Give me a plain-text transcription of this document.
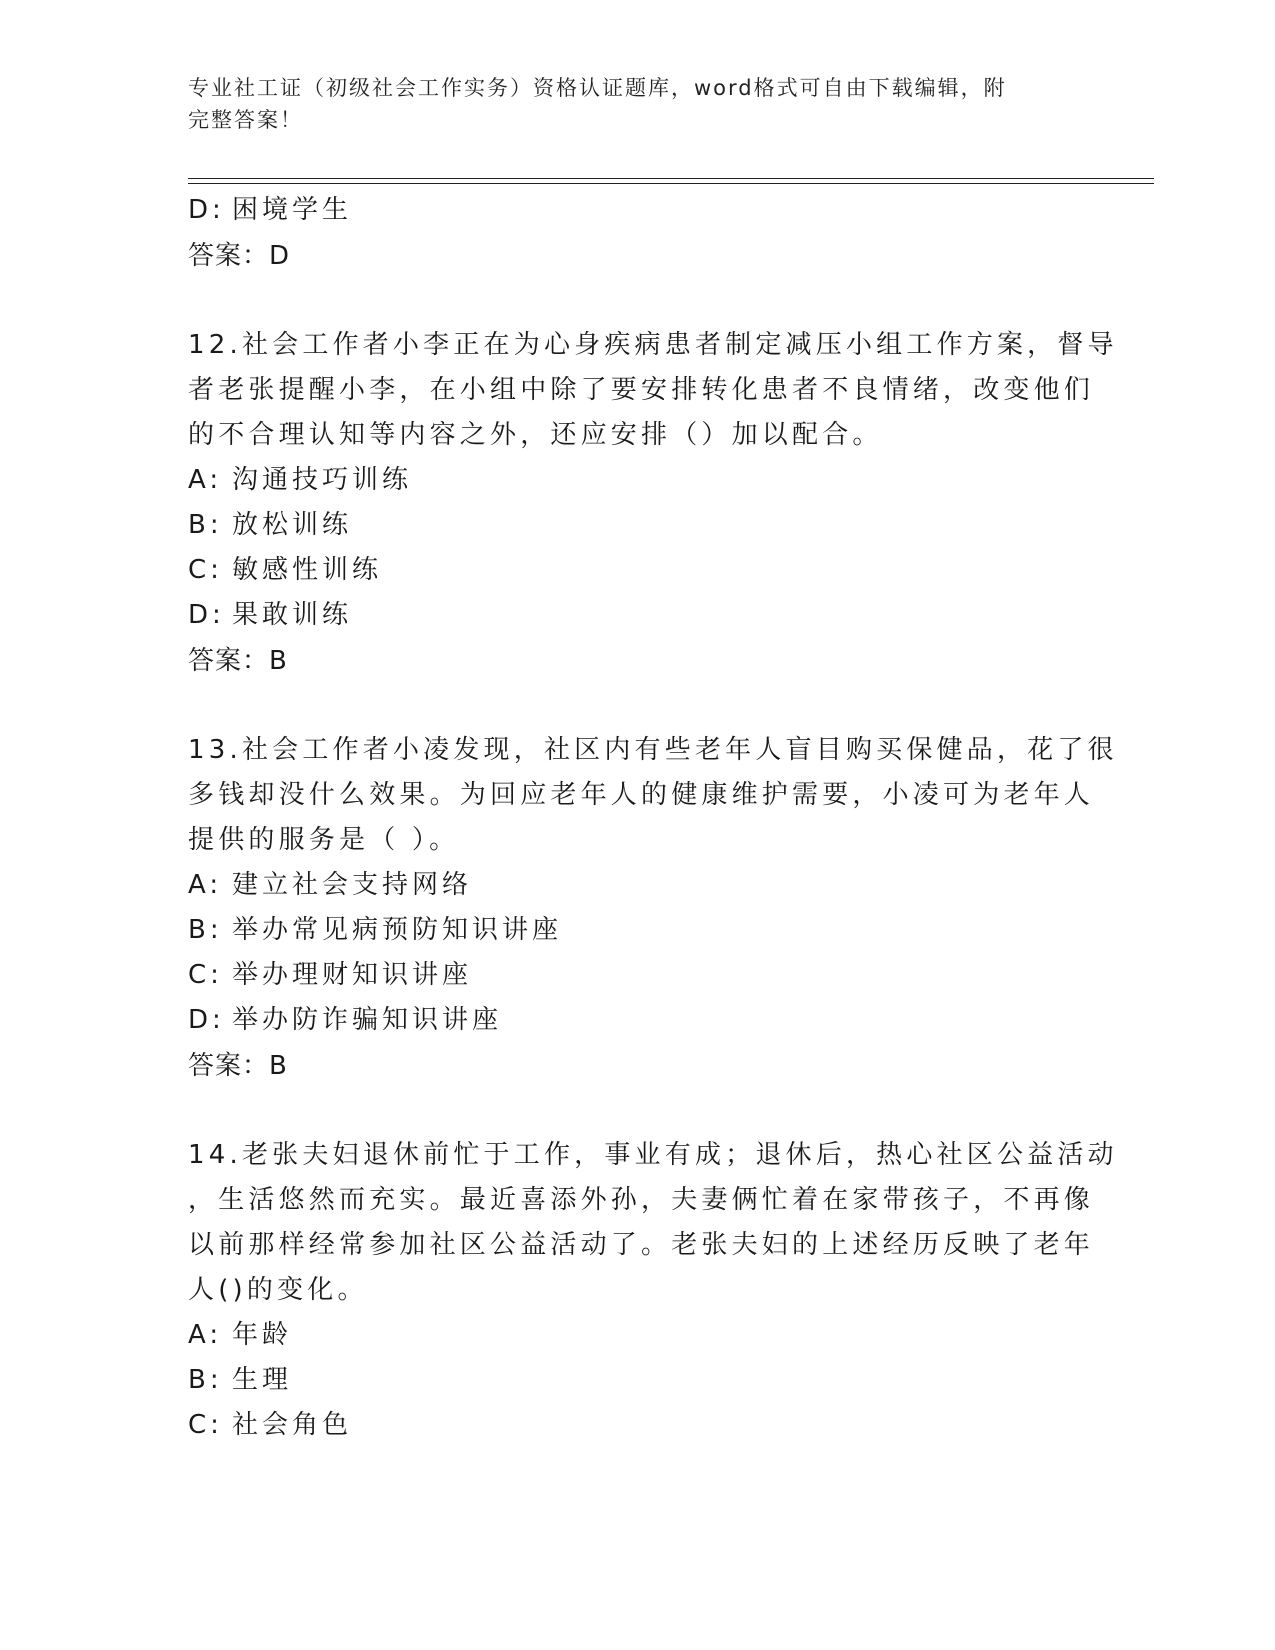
专业社工证（初级社会工作实务）资格认证题库，word格式可自由下载编辑，附
完整答案！
D: 困境学生
答案：D
12.社会工作者小李正在为心身疾病患者制定减压小组工作方案，督导
者老张提醒小李，在小组中除了要安排转化患者不良情绪，改变他们
的不合理认知等内容之外，还应安排（）加以配合。
A: 沟通技巧训练
B: 放松训练
C: 敏感性训练
D: 果敢训练
答案：B
13.社会工作者小凌发现，社区内有些老年人盲目购买保健品，花了很
多钱却没什么效果。为回应老年人的健康维护需要，小凌可为老年人
提供的服务是（ ）。
A: 建立社会支持网络
B: 举办常见病预防知识讲座
C: 举办理财知识讲座
D: 举办防诈骗知识讲座
答案：B
14.老张夫妇退休前忙于工作，事业有成；退休后，热心社区公益活动
，生活悠然而充实。最近喜添外孙，夫妻俩忙着在家带孩子，不再像
以前那样经常参加社区公益活动了。老张夫妇的上述经历反映了老年
人()的变化。
A: 年龄
B: 生理
C: 社会角色
